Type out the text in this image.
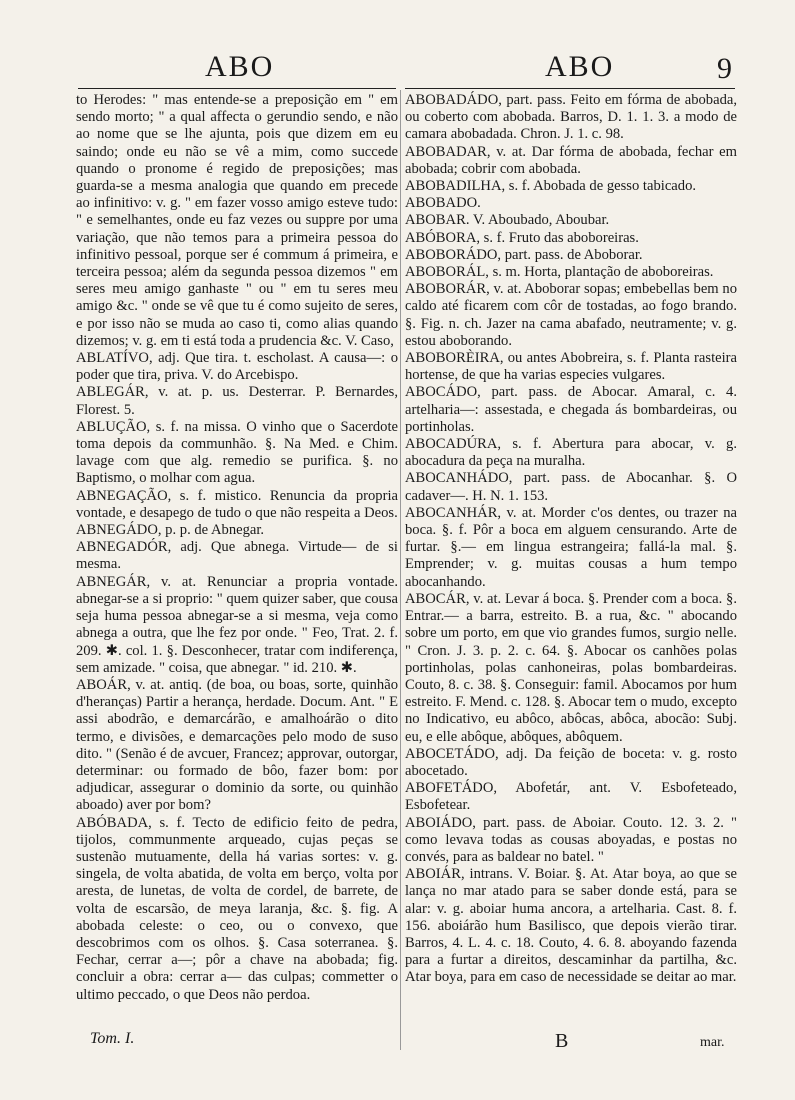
ABO	ABO	9

to Herodes: " mas entende-se a preposição em " em sendo morto; " a qual affecta o gerundio sendo, e não ao nome que se lhe ajunta, pois que dizem em eu saindo; onde eu não se vê a mim, como succede quando o pronome é regido de preposições; mas guarda-se a mesma analogia que quando em precede ao infinitivo: v. g. " em fazer vosso amigo esteve tudo: " e semelhantes, onde eu faz vezes ou suppre por uma variação, que não temos para a primeira pessoa do infinitivo pessoal, porque ser é commum á primeira, e terceira pessoa; além da segunda pessoa dizemos " em seres meu amigo ganhaste " ou " em tu seres meu amigo &c. " onde se vê que tu é como sujeito de seres, e por isso não se muda ao caso ti, como alias quando dizemos; v. g. em ti está toda a prudencia &c. V. Caso,

ABLATÍVO, adj. Que tira. t. escholast. A causa—: o poder que tira, priva. V. do Arcebispo.

ABLEGÁR, v. at. p. us. Desterrar. P. Bernardes, Florest. 5.

ABLUÇÃO, s. f. na missa. O vinho que o Sacerdote toma depois da communhão. §. Na Med. e Chim. lavage com que alg. remedio se purifica. §. no Baptismo, o molhar com agua.

ABNEGAÇÃO, s. f. mistico. Renuncia da propria vontade, e desapego de tudo o que não respeita a Deos.

ABNEGÁDO, p. p. de Abnegar.

ABNEGADÓR, adj. Que abnega. Virtude— de si mesma.

ABNEGÁR, v. at. Renunciar a propria vontade. abnegar-se a si proprio: " quem quizer saber, que cousa seja huma pessoa abnegar-se a si mesma, veja como abnega a outra, que lhe fez por onde. " Feo, Trat. 2. f. 209. ✱. col. 1. §. Desconhecer, tratar com indiferença, sem amizade. " coisa, que abnegar. " id. 210. ✱.

ABOÁR, v. at. antiq. (de boa, ou boas, sorte, quinhão d'heranças) Partir a herança, herdade. Docum. Ant. " E assi abodrão, e demarcárão, e amalhoárão o dito termo, e divisões, e demarcações pelo modo de suso dito. " (Senão é de avcuer, Francez; approvar, outorgar, determinar: ou formado de bôo, fazer bom: por adjudicar, assegurar o dominio da sorte, ou quinhão aboado) aver por bom?

ABÓBADA, s. f. Tecto de edificio feito de pedra, tijolos, communmente arqueado, cujas peças se sustenão mutuamente, della há varias sortes: v. g. singela, de volta abatida, de volta em berço, volta por aresta, de lunetas, de volta de cordel, de barrete, de volta de escarsão, de meya laranja, &c. §. fig. A abobada celeste: o ceo, ou o convexo, que descobrimos com os olhos. §. Casa soterranea. §. Fechar, cerrar a—; pôr a chave na abobada; fig. concluir a obra: cerrar a— das culpas; commetter o ultimo peccado, o que Deos não perdoa.

ABOBADÁDO, part. pass. Feito em fórma de abobada, ou coberto com abobada. Barros, D. 1. 1. 3. a modo de camara abobadada. Chron. J. 1. c. 98.

ABOBADAR, v. at. Dar fórma de abobada, fechar em abobada; cobrir com abobada.

ABOBADILHA, s. f. Abobada de gesso tabicado.

ABOBADO.

ABOBAR. V. Aboubado, Aboubar.

ABÓBORA, s. f. Fruto das aboboreiras.

ABOBORÁDO, part. pass. de Aboborar.

ABOBORÁL, s. m. Horta, plantação de aboboreiras.

ABOBORÁR, v. at. Aboborar sopas; embebellas bem no caldo até ficarem com côr de tostadas, ao fogo brando. §. Fig. n. ch. Jazer na cama abafado, neutramente; v. g. estou aboborando.

ABOBORÈIRA, ou antes Abobreira, s. f. Planta rasteira hortense, de que ha varias especies vulgares.

ABOCÁDO, part. pass. de Abocar. Amaral, c. 4. artelharia—: assestada, e chegada ás bombardeiras, ou portinholas.

ABOCADÚRA, s. f. Abertura para abocar, v. g. abocadura da peça na muralha.

ABOCANHÁDO, part. pass. de Abocanhar. §. O cadaver—. H. N. 1. 153.

ABOCANHÁR, v. at. Morder c'os dentes, ou trazer na boca. §. f. Pôr a boca em alguem censurando. Arte de furtar. §.— em lingua estrangeira; fallá-la mal. §. Emprender; v. g. muitas cousas a hum tempo abocanhando.

ABOCÁR, v. at. Levar á boca. §. Prender com a boca. §. Entrar.— a barra, estreito. B. a rua, &c. " abocando sobre um porto, em que vio grandes fumos, surgio nelle. " Cron. J. 3. p. 2. c. 64. §. Abocar os canhões polas portinholas, polas canhoneiras, polas bombardeiras. Couto, 8. c. 38. §. Conseguir: famil. Abocamos por hum estreito. F. Mend. c. 128. §. Abocar tem o mudo, excepto no Indicativo, eu abôco, abôcas, abôca, abocão: Subj. eu, e elle abôque, abôques, abôquem.

ABOCETÁDO, adj. Da feição de boceta: v. g. rosto abocetado.

ABOFETÁDO, Abofetár, ant. V. Esbofeteado, Esbofetear.

ABOIÁDO, part. pass. de Aboiar. Couto. 12. 3. 2. " como levava todas as cousas aboyadas, e postas no convés, para as baldear no batel. "

ABOIÁR, intrans. V. Boiar. §. At. Atar boya, ao que se lança no mar atado para se saber donde está, para se alar: v. g. aboiar huma ancora, a artelharia. Cast. 8. f. 156. aboiárão hum Basilisco, que depois vierão tirar. Barros, 4. L. 4. c. 18. Couto, 4. 6. 8. aboyando fazenda para a furtar a direitos, descaminhar da partilha, &c. Atar boya, para em caso de necessidade se deitar ao mar.

Tom. I.	B	mar.
